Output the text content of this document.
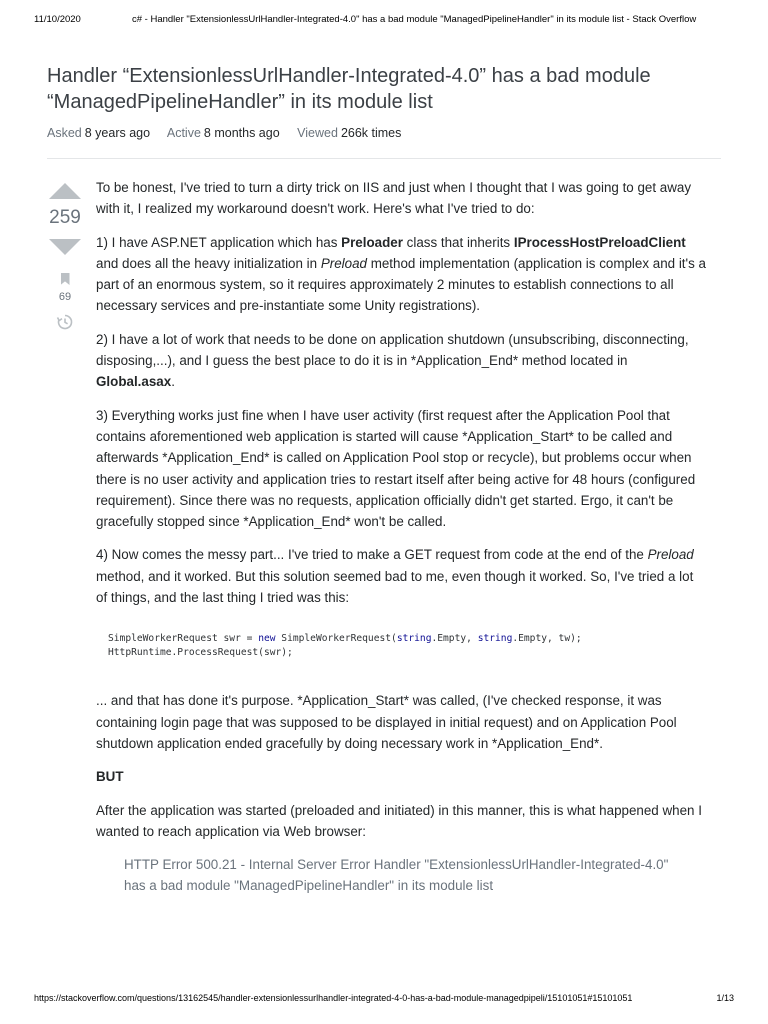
11/10/2020	c# - Handler "ExtensionlessUrlHandler-Integrated-4.0" has a bad module "ManagedPipelineHandler" in its module list - Stack Overflow
Handler “ExtensionlessUrlHandler-Integrated-4.0” has a bad module “ManagedPipelineHandler” in its module list
Asked 8 years ago Active 8 months ago Viewed 266k times
259
69

To be honest, I've tried to turn a dirty trick on IIS and just when I thought that I was going to get away with it, I realized my workaround doesn't work. Here's what I've tried to do:

1) I have ASP.NET application which has Preloader class that inherits IProcessHostPreloadClient and does all the heavy initialization in Preload method implementation (application is complex and it's a part of an enormous system, so it requires approximately 2 minutes to establish connections to all necessary services and pre-instantiate some Unity registrations).

2) I have a lot of work that needs to be done on application shutdown (unsubscribing, disconnecting, disposing,...), and I guess the best place to do it is in *Application_End* method located in Global.asax.

3) Everything works just fine when I have user activity (first request after the Application Pool that contains aforementioned web application is started will cause *Application_Start* to be called and afterwards *Application_End* is called on Application Pool stop or recycle), but problems occur when there is no user activity and application tries to restart itself after being active for 48 hours (configured requirement). Since there was no requests, application officially didn't get started. Ergo, it can't be gracefully stopped since *Application_End* won't be called.

4) Now comes the messy part... I've tried to make a GET request from code at the end of the Preload method, and it worked. But this solution seemed bad to me, even though it worked. So, I've tried a lot of things, and the last thing I tried was this:

SimpleWorkerRequest swr = new SimpleWorkerRequest(string.Empty, string.Empty, tw);
HttpRuntime.ProcessRequest(swr);

... and that has done it's purpose. *Application_Start* was called, (I've checked response, it was containing login page that was supposed to be displayed in initial request) and on Application Pool shutdown application ended gracefully by doing necessary work in *Application_End*.

BUT

After the application was started (preloaded and initiated) in this manner, this is what happened when I wanted to reach application via Web browser:

HTTP Error 500.21 - Internal Server Error Handler "ExtensionlessUrlHandler-Integrated-4.0" has a bad module "ManagedPipelineHandler" in its module list
https://stackoverflow.com/questions/13162545/handler-extensionlessurlhandler-integrated-4-0-has-a-bad-module-managedpipeli/15101051#15101051	1/13
